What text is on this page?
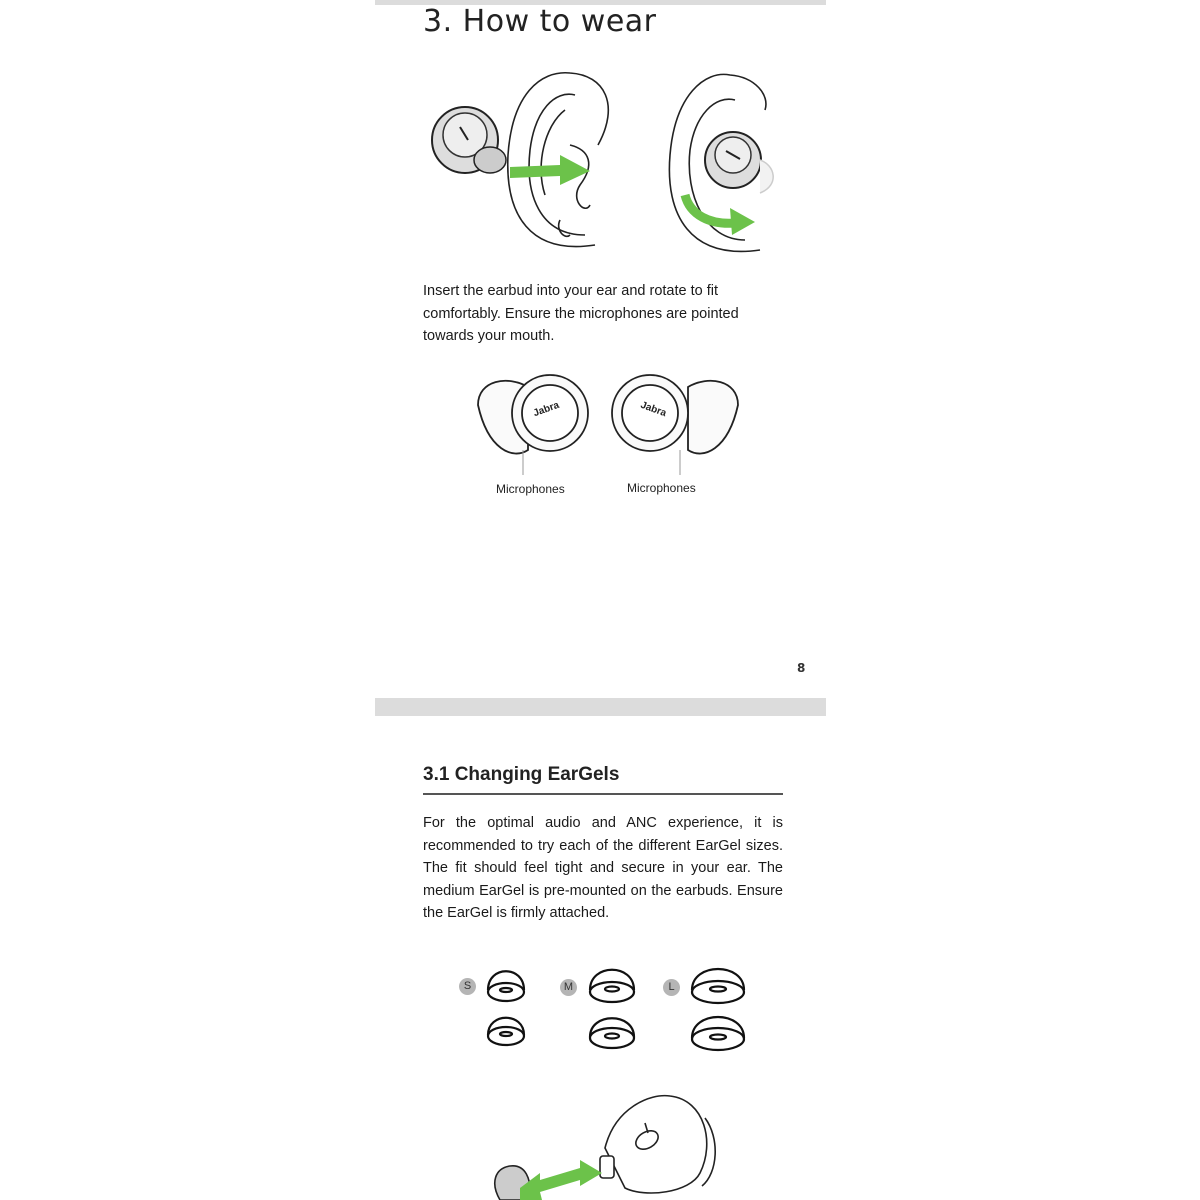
3. How to wear

Insert the earbud into your ear and rotate to fit comfortably. Ensure the microphones are pointed towards your mouth.

Jabra	Jabra
Microphones	Microphones
8
3.1 Changing EarGels

For the optimal audio and ANC experience, it is recommended to try each of the different EarGel sizes. The fit should feel tight and secure in your ear. The medium EarGel is pre-mounted on the earbuds. Ensure the EarGel is firmly attached.

S	M	L
